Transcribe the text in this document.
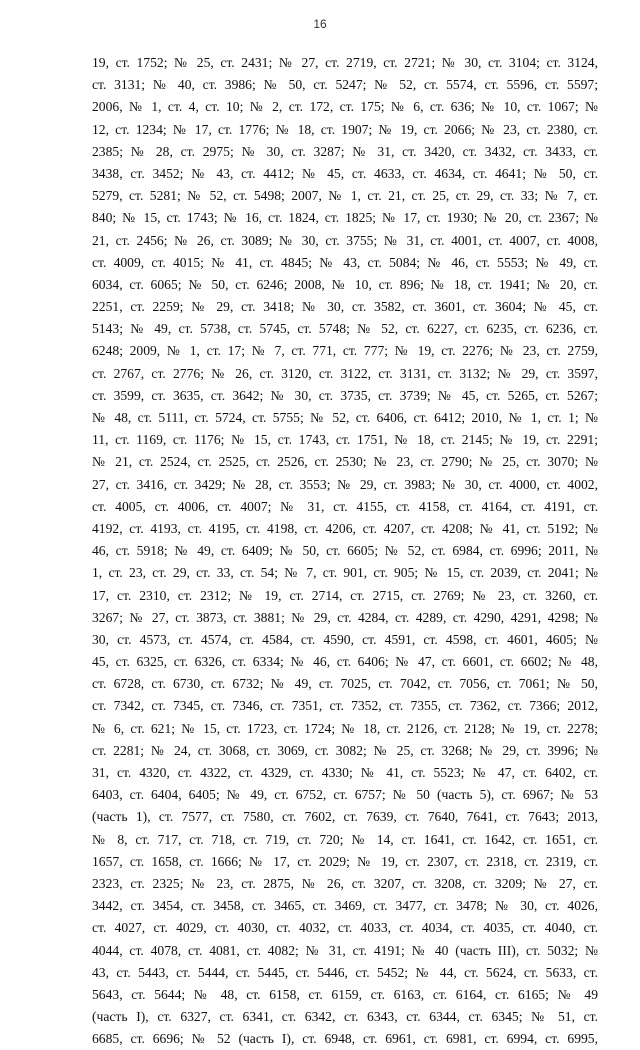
16
19, ст. 1752; № 25, ст. 2431; № 27, ст. 2719, ст. 2721; № 30, ст. 3104; ст. 3124,
ст. 3131; № 40, ст. 3986; № 50, ст. 5247; № 52, ст. 5574, ст. 5596, ст. 5597;
2006, № 1, ст. 4, ст. 10; № 2, ст. 172, ст. 175; № 6, ст. 636; № 10, ст. 1067; №
12, ст. 1234; № 17, ст. 1776; № 18, ст. 1907; № 19, ст. 2066; № 23, ст. 2380, ст.
2385; № 28, ст. 2975; № 30, ст. 3287; № 31, ст. 3420, ст. 3432, ст. 3433, ст.
3438, ст. 3452; № 43, ст. 4412; № 45, ст. 4633, ст. 4634, ст. 4641; № 50, ст.
5279, ст. 5281; № 52, ст. 5498; 2007, № 1, ст. 21, ст. 25, ст. 29, ст. 33; № 7, ст.
840; № 15, ст. 1743; № 16, ст. 1824, ст. 1825; № 17, ст. 1930; № 20, ст. 2367; №
21, ст. 2456; № 26, ст. 3089; № 30, ст. 3755; № 31, ст. 4001, ст. 4007, ст. 4008,
ст. 4009, ст. 4015; № 41, ст. 4845; № 43, ст. 5084; № 46, ст. 5553; № 49, ст.
6034, ст. 6065; № 50, ст. 6246; 2008, № 10, ст. 896; № 18, ст. 1941; № 20, ст.
2251, ст. 2259; № 29, ст. 3418; № 30, ст. 3582, ст. 3601, ст. 3604; № 45, ст.
5143; № 49, ст. 5738, ст. 5745, ст. 5748; № 52, ст. 6227, ст. 6235, ст. 6236, ст.
6248; 2009, № 1, ст. 17; № 7, ст. 771, ст. 777; № 19, ст. 2276; № 23, ст. 2759,
ст. 2767, ст. 2776; № 26, ст. 3120, ст. 3122, ст. 3131, ст. 3132; № 29, ст. 3597,
ст. 3599, ст. 3635, ст. 3642; № 30, ст. 3735, ст. 3739; № 45, ст. 5265, ст. 5267;
№ 48, ст. 5111, ст. 5724, ст. 5755; № 52, ст. 6406, ст. 6412; 2010, № 1, ст. 1; №
11, ст. 1169, ст. 1176; № 15, ст. 1743, ст. 1751, № 18, ст. 2145; № 19, ст. 2291;
№ 21, ст. 2524, ст. 2525, ст. 2526, ст. 2530; № 23, ст. 2790; № 25, ст. 3070; №
27, ст. 3416, ст. 3429; № 28, ст. 3553; № 29, ст. 3983; № 30, ст. 4000, ст. 4002,
ст. 4005, ст. 4006, ст. 4007; № 31, ст. 4155, ст. 4158, ст. 4164, ст. 4191, ст.
4192, ст. 4193, ст. 4195, ст. 4198, ст. 4206, ст. 4207, ст. 4208; № 41, ст. 5192; №
46, ст. 5918; № 49, ст. 6409; № 50, ст. 6605; № 52, ст. 6984, ст. 6996; 2011, №
1, ст. 23, ст. 29, ст. 33, ст. 54; № 7, ст. 901, ст. 905; № 15, ст. 2039, ст. 2041; №
17, ст. 2310, ст. 2312; № 19, ст. 2714, ст. 2715, ст. 2769; № 23, ст. 3260, ст.
3267; № 27, ст. 3873, ст. 3881; № 29, ст. 4284, ст. 4289, ст. 4290, 4291, 4298; №
30, ст. 4573, ст. 4574, ст. 4584, ст. 4590, ст. 4591, ст. 4598, ст. 4601, 4605; №
45, ст. 6325, ст. 6326, ст. 6334; № 46, ст. 6406; № 47, ст. 6601, ст. 6602; № 48,
ст. 6728, ст. 6730, ст. 6732; № 49, ст. 7025, ст. 7042, ст. 7056, ст. 7061; № 50,
ст. 7342, ст. 7345, ст. 7346, ст. 7351, ст. 7352, ст. 7355, ст. 7362, ст. 7366; 2012,
№ 6, ст. 621; № 15, ст. 1723, ст. 1724; № 18, ст. 2126, ст. 2128; № 19, ст. 2278;
ст. 2281; № 24, ст. 3068, ст. 3069, ст. 3082; № 25, ст. 3268; № 29, ст. 3996; №
31, ст. 4320, ст. 4322, ст. 4329, ст. 4330; № 41, ст. 5523; № 47, ст. 6402, ст.
6403, ст. 6404, 6405; № 49, ст. 6752, ст. 6757; № 50 (часть 5), ст. 6967; № 53
(часть 1), ст. 7577, ст. 7580, ст. 7602, ст. 7639, ст. 7640, 7641, ст. 7643; 2013,
№ 8, ст. 717, ст. 718, ст. 719, ст. 720; № 14, ст. 1641, ст. 1642, ст. 1651, ст.
1657, ст. 1658, ст. 1666; № 17, ст. 2029; № 19, ст. 2307, ст. 2318, ст. 2319, ст.
2323, ст. 2325; № 23, ст. 2875, № 26, ст. 3207, ст. 3208, ст. 3209; № 27, ст.
3442, ст. 3454, ст. 3458, ст. 3465, ст. 3469, ст. 3477, ст. 3478; № 30, ст. 4026,
ст. 4027, ст. 4029, ст. 4030, ст. 4032, ст. 4033, ст. 4034, ст. 4035, ст. 4040, ст.
4044, ст. 4078, ст. 4081, ст. 4082; № 31, ст. 4191; № 40 (часть III), ст. 5032; №
43, ст. 5443, ст. 5444, ст. 5445, ст. 5446, ст. 5452; № 44, ст. 5624, ст. 5633, ст.
5643, ст. 5644; № 48, ст. 6158, ст. 6159, ст. 6163, ст. 6164, ст. 6165; № 49
(часть I), ст. 6327, ст. 6341, ст. 6342, ст. 6343, ст. 6344, ст. 6345; № 51, ст.
6685, ст. 6696; № 52 (часть I), ст. 6948, ст. 6961, ст. 6981, ст. 6994, ст. 6995,
